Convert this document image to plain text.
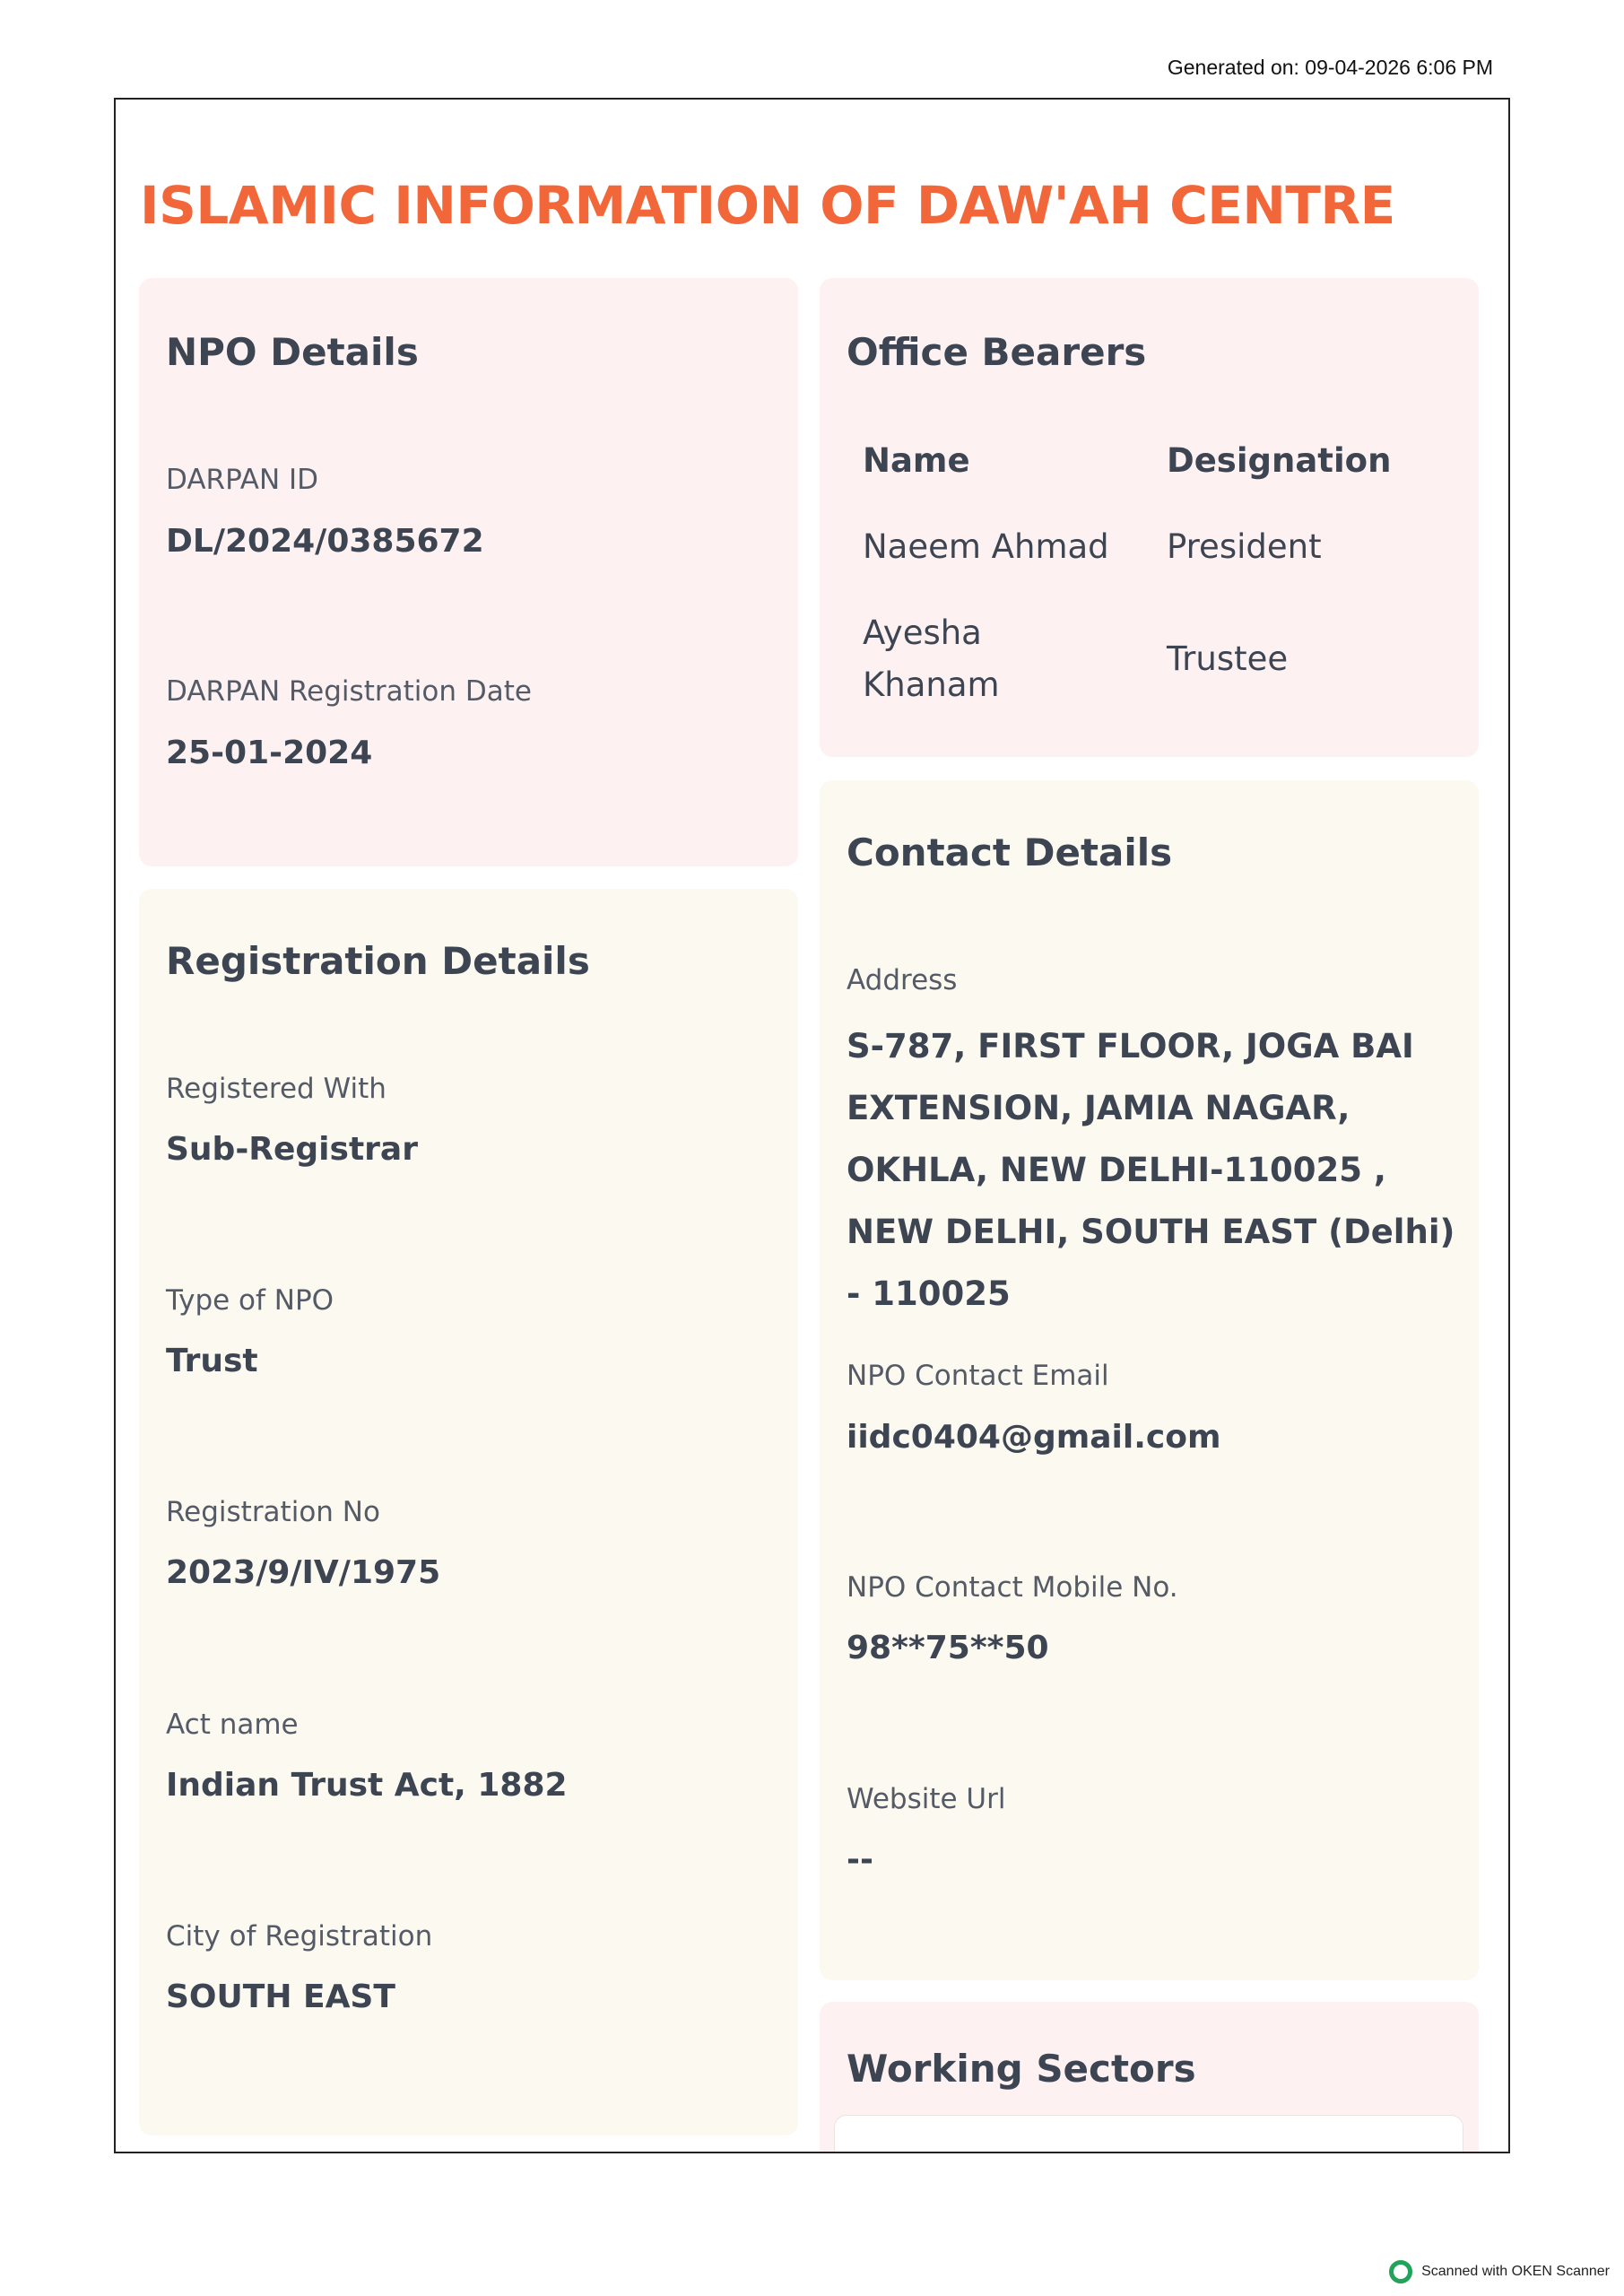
Generated on: 09-04-2026 6:06 PM
ISLAMIC INFORMATION OF DAW'AH CENTRE
NPO Details
DARPAN ID
DL/2024/0385672
DARPAN Registration Date
25-01-2024
Registration Details
Registered With
Sub-Registrar
Type of NPO
Trust
Registration No
2023/9/IV/1975
Act name
Indian Trust Act, 1882
City of Registration
SOUTH EAST
Office Bearers
Name	Designation
Naeem Ahmad	President
Ayesha Khanam
Trustee
Contact Details
Address
S-787, FIRST FLOOR, JOGA BAI EXTENSION, JAMIA NAGAR, OKHLA, NEW DELHI-110025 , NEW DELHI, SOUTH EAST (Delhi) - 110025
NPO Contact Email
iidc0404@gmail.com
NPO Contact Mobile No.
98**75**50
Website Url
--
Working Sectors
Scanned with OKEN Scanner
